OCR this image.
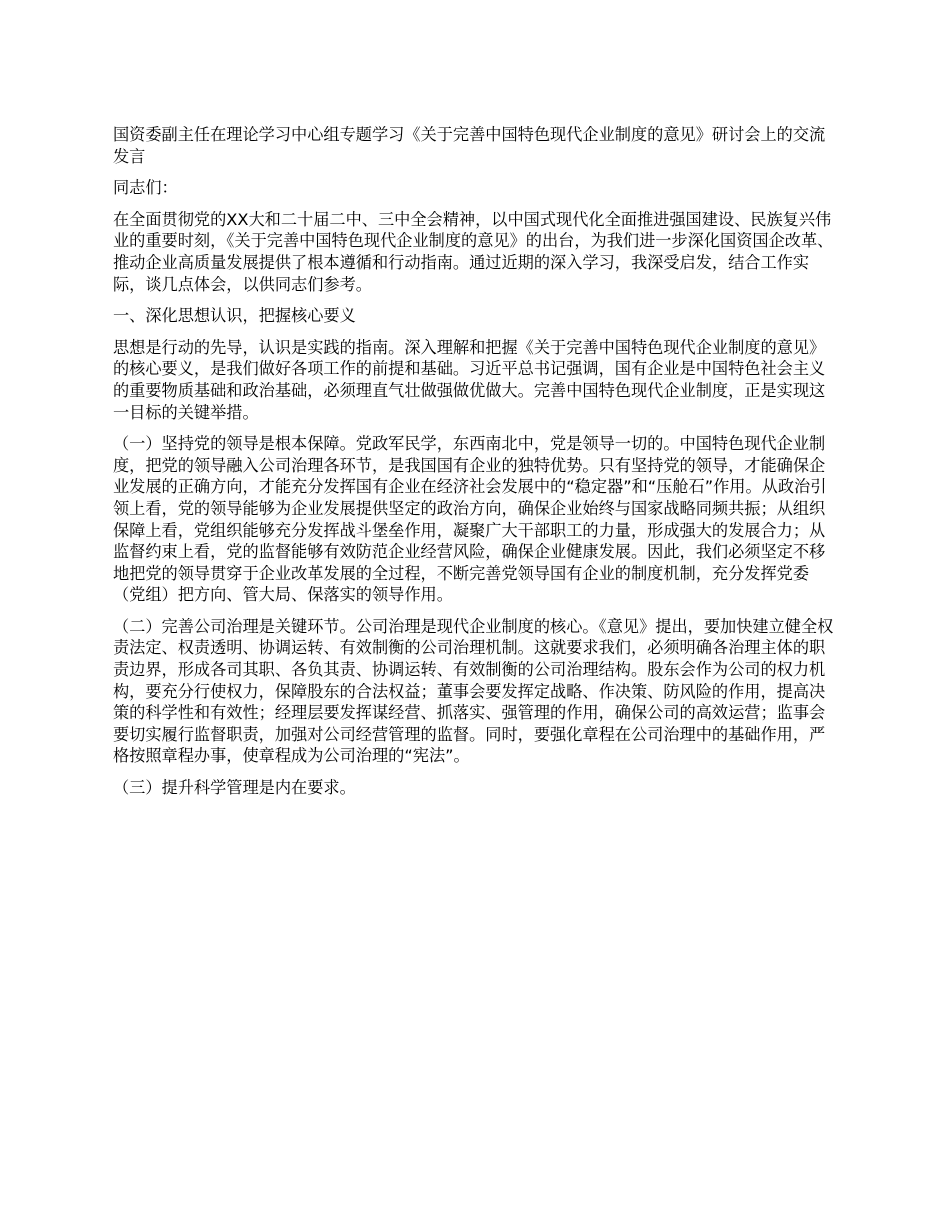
国资委副主任在理论学习中心组专题学习《关于完善中国特色现代企业制度的意见》研讨会上的交流发言

同志们：

在全面贯彻党的XX大和二十届二中、三中全会精神，以中国式现代化全面推进强国建设、民族复兴伟业的重要时刻，《关于完善中国特色现代企业制度的意见》的出台，为我们进一步深化国资国企改革、推动企业高质量发展提供了根本遵循和行动指南。通过近期的深入学习，我深受启发，结合工作实际，谈几点体会，以供同志们参考。

一、深化思想认识，把握核心要义

思想是行动的先导，认识是实践的指南。深入理解和把握《关于完善中国特色现代企业制度的意见》的核心要义，是我们做好各项工作的前提和基础。习近平总书记强调，国有企业是中国特色社会主义的重要物质基础和政治基础，必须理直气壮做强做优做大。完善中国特色现代企业制度，正是实现这一目标的关键举措。

（一）坚持党的领导是根本保障。党政军民学，东西南北中，党是领导一切的。中国特色现代企业制度，把党的领导融入公司治理各环节，是我国国有企业的独特优势。只有坚持党的领导，才能确保企业发展的正确方向，才能充分发挥国有企业在经济社会发展中的“稳定器”和“压舱石”作用。从政治引领上看，党的领导能够为企业发展提供坚定的政治方向，确保企业始终与国家战略同频共振；从组织保障上看，党组织能够充分发挥战斗堡垒作用，凝聚广大干部职工的力量，形成强大的发展合力；从监督约束上看，党的监督能够有效防范企业经营风险，确保企业健康发展。因此，我们必须坚定不移地把党的领导贯穿于企业改革发展的全过程，不断完善党领导国有企业的制度机制，充分发挥党委（党组）把方向、管大局、保落实的领导作用。

（二）完善公司治理是关键环节。公司治理是现代企业制度的核心。《意见》提出，要加快建立健全权责法定、权责透明、协调运转、有效制衡的公司治理机制。这就要求我们，必须明确各治理主体的职责边界，形成各司其职、各负其责、协调运转、有效制衡的公司治理结构。股东会作为公司的权力机构，要充分行使权力，保障股东的合法权益；董事会要发挥定战略、作决策、防风险的作用，提高决策的科学性和有效性；经理层要发挥谋经营、抓落实、强管理的作用，确保公司的高效运营；监事会要切实履行监督职责，加强对公司经营管理的监督。同时，要强化章程在公司治理中的基础作用，严格按照章程办事，使章程成为公司治理的“宪法”。

（三）提升科学管理是内在要求。
